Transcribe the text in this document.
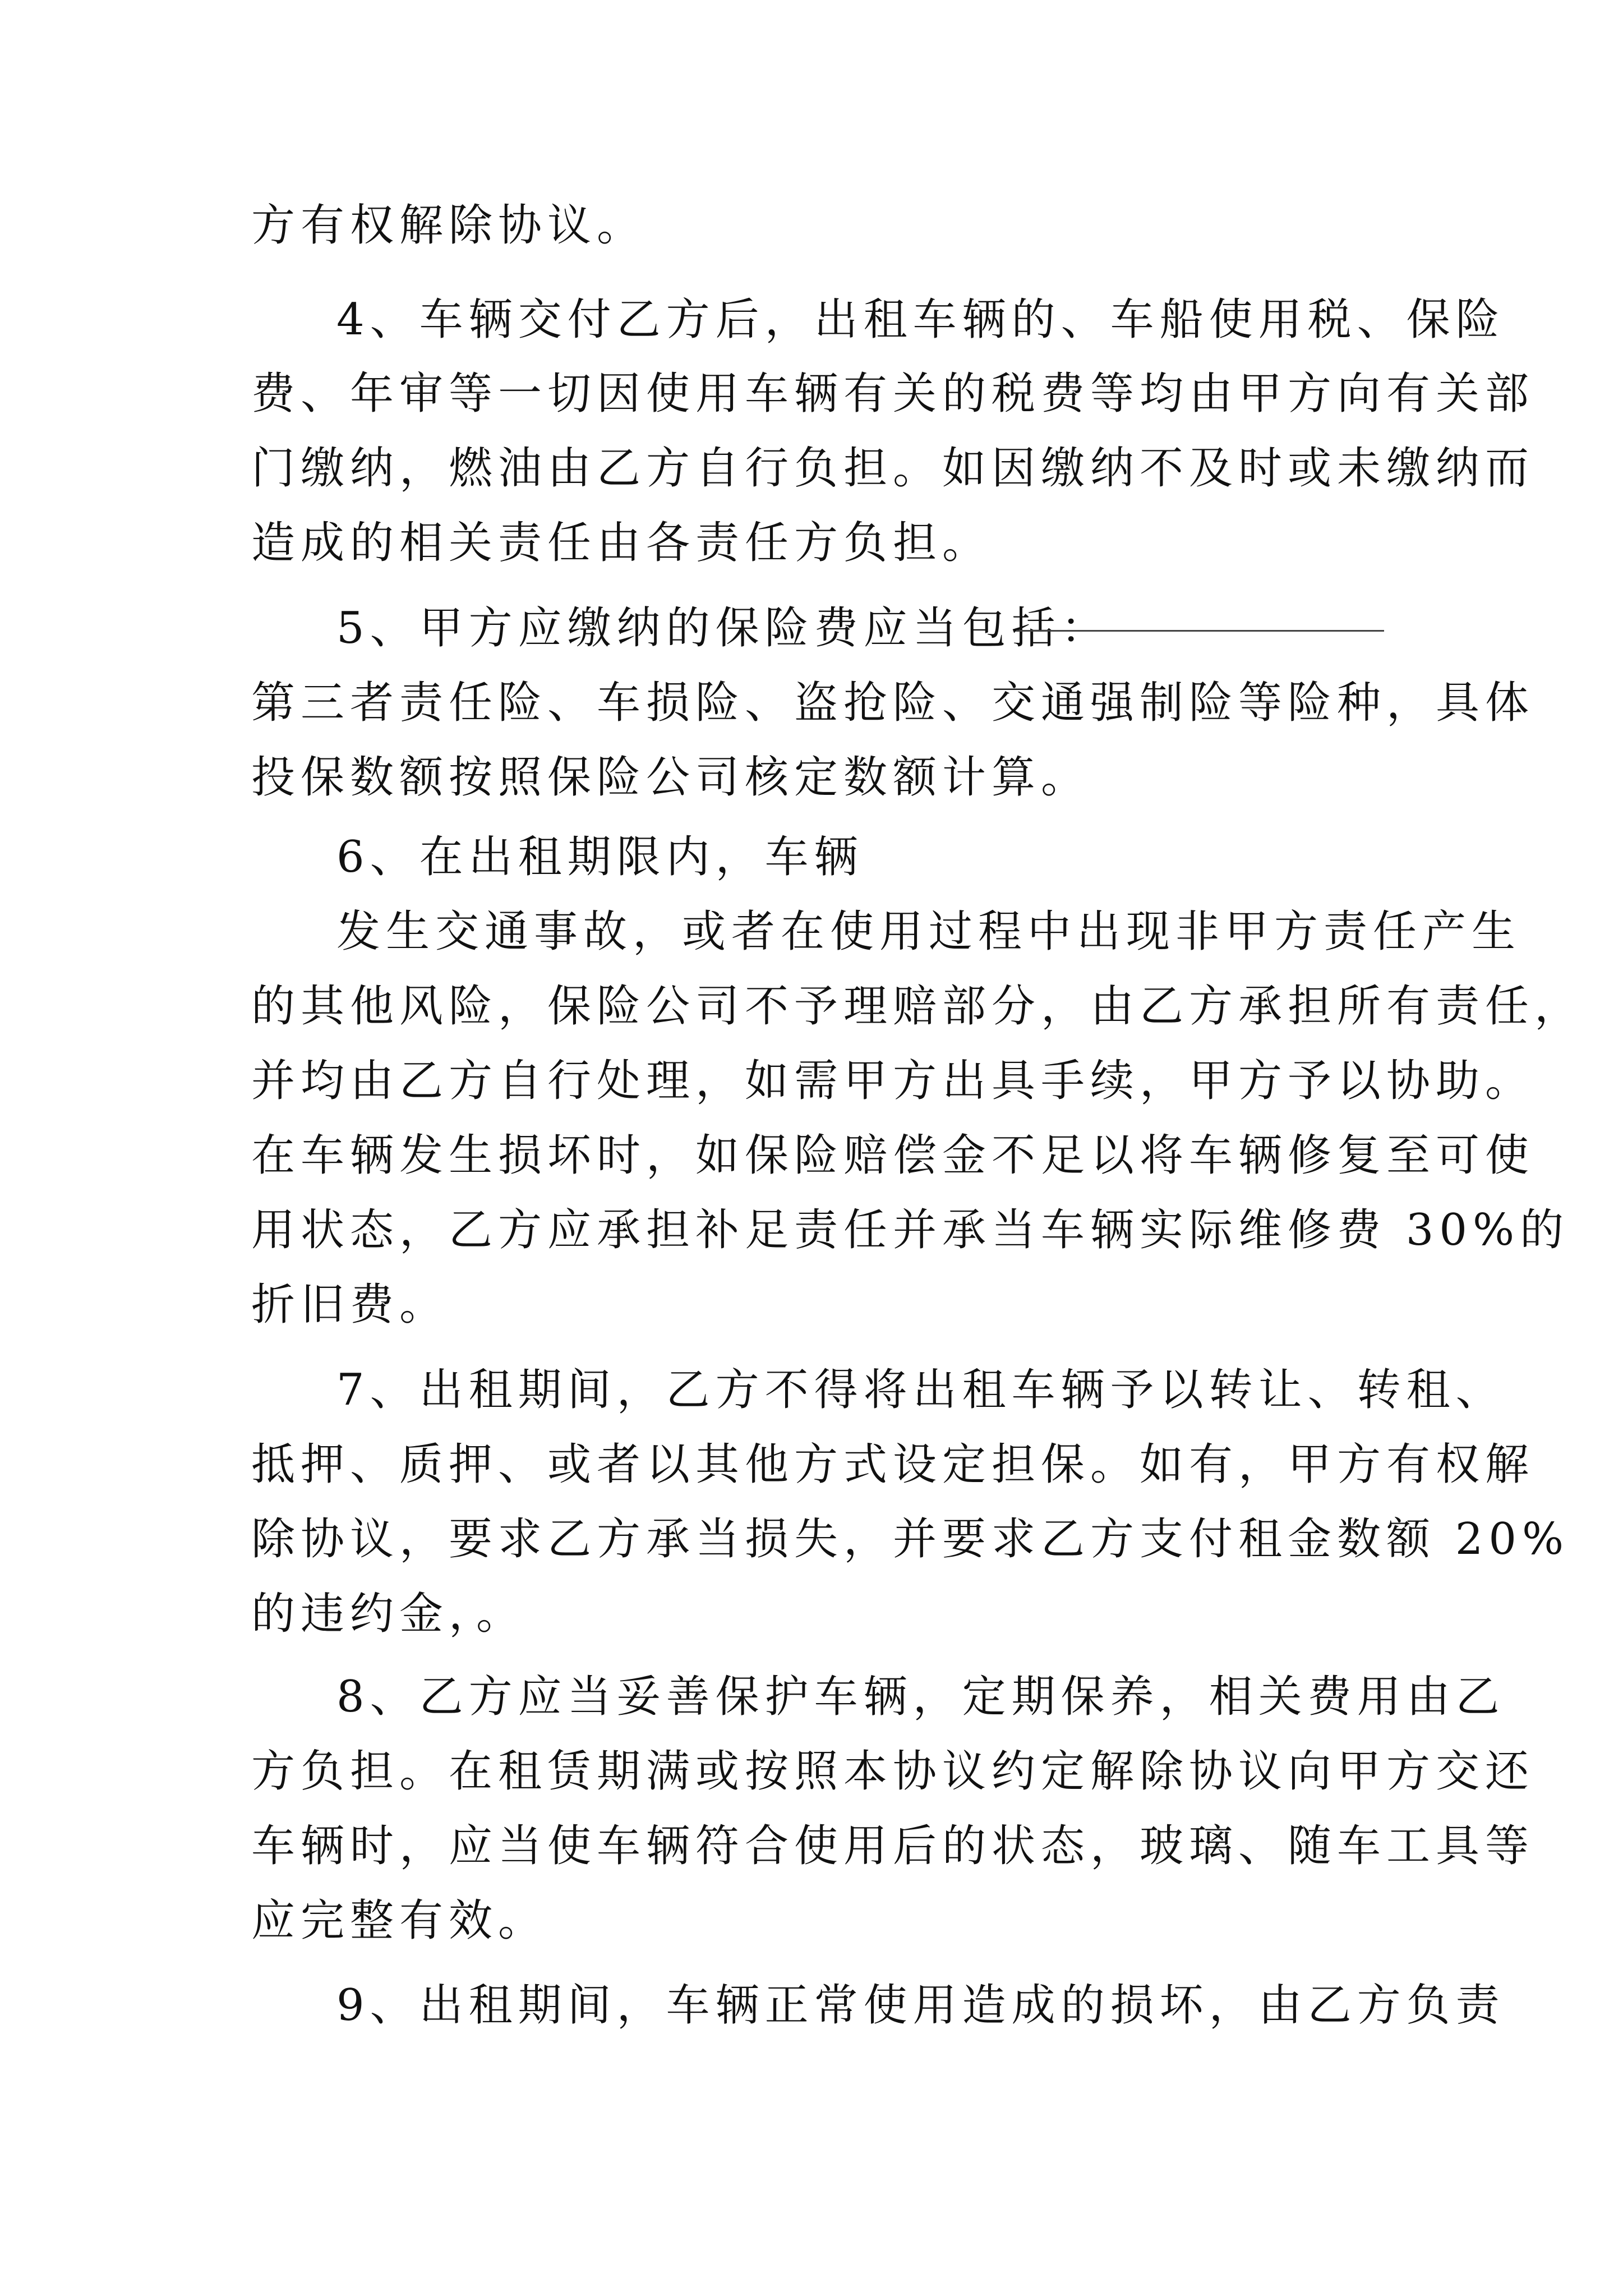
方有权解除协议。
4、车辆交付乙方后，出租车辆的、车船使用税、保险
费、年审等一切因使用车辆有关的税费等均由甲方向有关部
门缴纳，燃油由乙方自行负担。如因缴纳不及时或未缴纳而
造成的相关责任由各责任方负担。
5、甲方应缴纳的保险费应当包括：
第三者责任险、车损险、盗抢险、交通强制险等险种，具体
投保数额按照保险公司核定数额计算。
6、在出租期限内，车辆
发生交通事故，或者在使用过程中出现非甲方责任产生
的其他风险，保险公司不予理赔部分，由乙方承担所有责任，
并均由乙方自行处理，如需甲方出具手续，甲方予以协助。
在车辆发生损坏时，如保险赔偿金不足以将车辆修复至可使
用状态，乙方应承担补足责任并承当车辆实际维修费 30%的
折旧费。
7、出租期间，乙方不得将出租车辆予以转让、转租、
抵押、质押、或者以其他方式设定担保。如有，甲方有权解
除协议，要求乙方承当损失，并要求乙方支付租金数额 20%
的违约金，。
8、乙方应当妥善保护车辆，定期保养，相关费用由乙
方负担。在租赁期满或按照本协议约定解除协议向甲方交还
车辆时，应当使车辆符合使用后的状态，玻璃、随车工具等
应完整有效。
9、出租期间，车辆正常使用造成的损坏，由乙方负责
